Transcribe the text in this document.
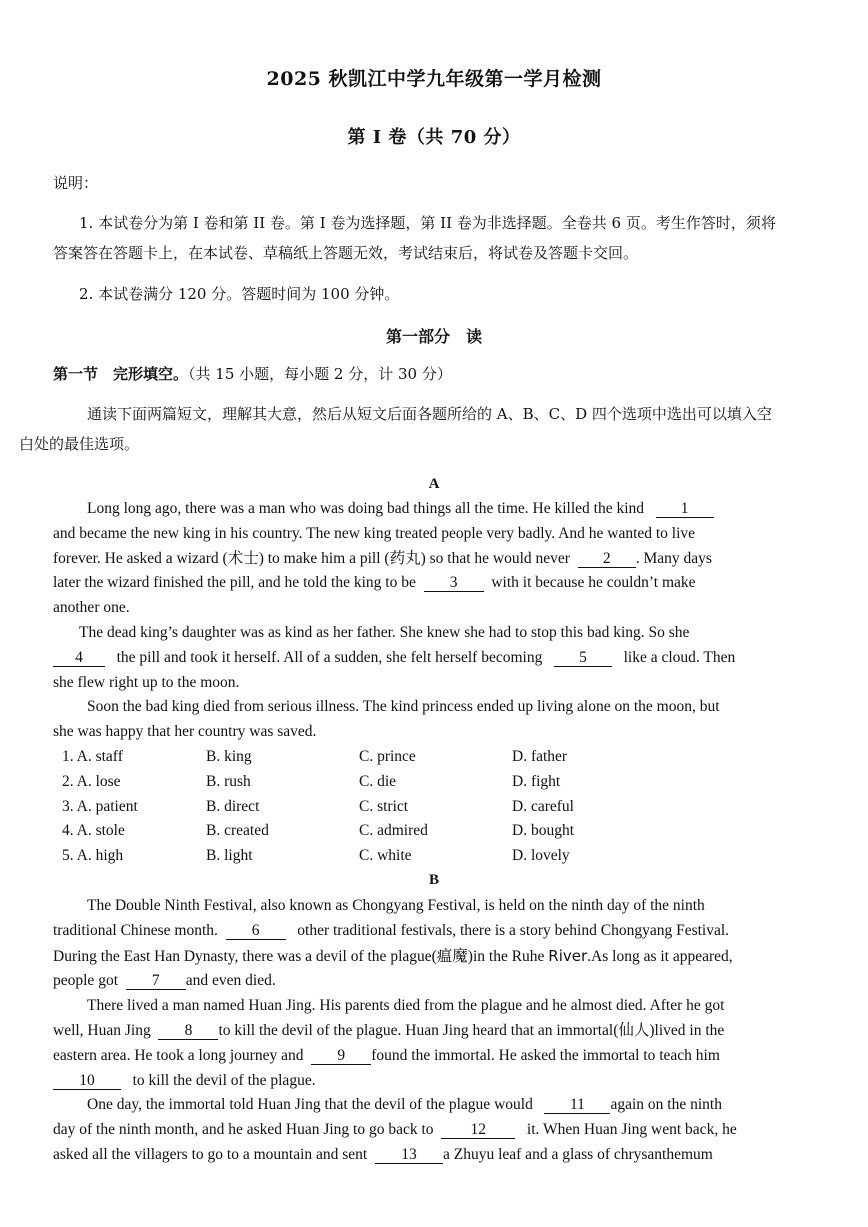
2025 秋凯江中学九年级第一学月检测
第 I 卷（共 70 分）
说明：
1. 本试卷分为第 I 卷和第 II 卷。第 I 卷为选择题，第 II 卷为非选择题。全卷共 6 页。考生作答时，须将
答案答在答题卡上，在本试卷、草稿纸上答题无效，考试结束后，将试卷及答题卡交回。
2. 本试卷满分 120 分。答题时间为 100 分钟。
第一部分　读
第一节　完形填空。（共 15 小题，每小题 2 分，计 30 分）
通读下面两篇短文，理解其大意，然后从短文后面各题所给的 A、B、C、D 四个选项中选出可以填入空
白处的最佳选项。
A
Long long ago, there was a man who was doing bad things all the time. He killed the kind 1
and became the new king in his country. The new king treated people very badly. And he wanted to live
forever. He asked a wizard (术士) to make him a pill (药丸) so that he would never 2 . Many days
later the wizard finished the pill, and he told the king to be 3 with it because he couldn’t make
another one.
The dead king’s daughter was as kind as her father. She knew she had to stop this bad king. So she
4 the pill and took it herself. All of a sudden, she felt herself becoming 5 like a cloud. Then
she flew right up to the moon.
Soon the bad king died from serious illness. The kind princess ended up living alone on the moon, but
she was happy that her country was saved.
1. A. staff	B. king	C. prince	D. father
2. A. lose	B. rush	C. die	D. fight
3. A. patient	B. direct	C. strict	D. careful
4. A. stole	B. created	C. admired	D. bought
5. A. high	B. light	C. white	D. lovely
B
The Double Ninth Festival, also known as Chongyang Festival, is held on the ninth day of the ninth
traditional Chinese month. 6 other traditional festivals, there is a story behind Chongyang Festival.
During the East Han Dynasty, there was a devil of the plague(瘟魔)in the Ruhe River.As long as it appeared,
people got 7 and even died.
There lived a man named Huan Jing. His parents died from the plague and he almost died. After he got
well, Huan Jing 8 to kill the devil of the plague. Huan Jing heard that an immortal(仙人)lived in the
eastern area. He took a long journey and 9 found the immortal. He asked the immortal to teach him
10 to kill the devil of the plague.
One day, the immortal told Huan Jing that the devil of the plague would 11 again on the ninth
day of the ninth month, and he asked Huan Jing to go back to 12	it. When Huan Jing went back, he
asked all the villagers to go to a mountain and sent 13 a Zhuyu leaf and a glass of chrysanthemum
